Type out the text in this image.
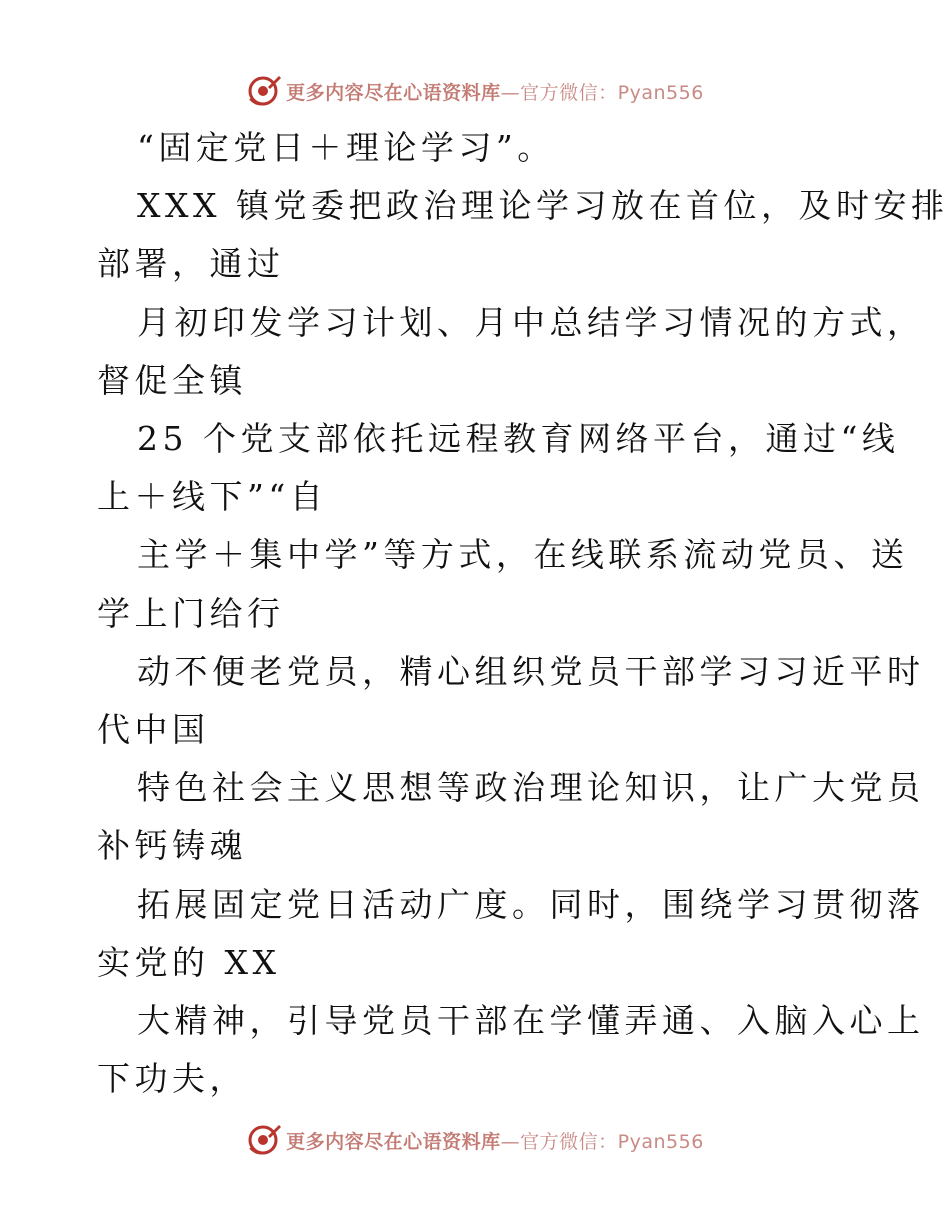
更多内容尽在心语资料库—官方微信：Pyan556
“固定党日＋理论学习”。
XXX 镇党委把政治理论学习放在首位，及时安排
部署，通过
月初印发学习计划、月中总结学习情况的方式，
督促全镇
25 个党支部依托远程教育网络平台，通过“线
上＋线下”“自
主学＋集中学”等方式，在线联系流动党员、送
学上门给行
动不便老党员，精心组织党员干部学习习近平时
代中国
特色社会主义思想等政治理论知识，让广大党员
补钙铸魂
拓展固定党日活动广度。同时，围绕学习贯彻落
实党的 XX
大精神，引导党员干部在学懂弄通、入脑入心上
下功夫，
更多内容尽在心语资料库—官方微信：Pyan556
